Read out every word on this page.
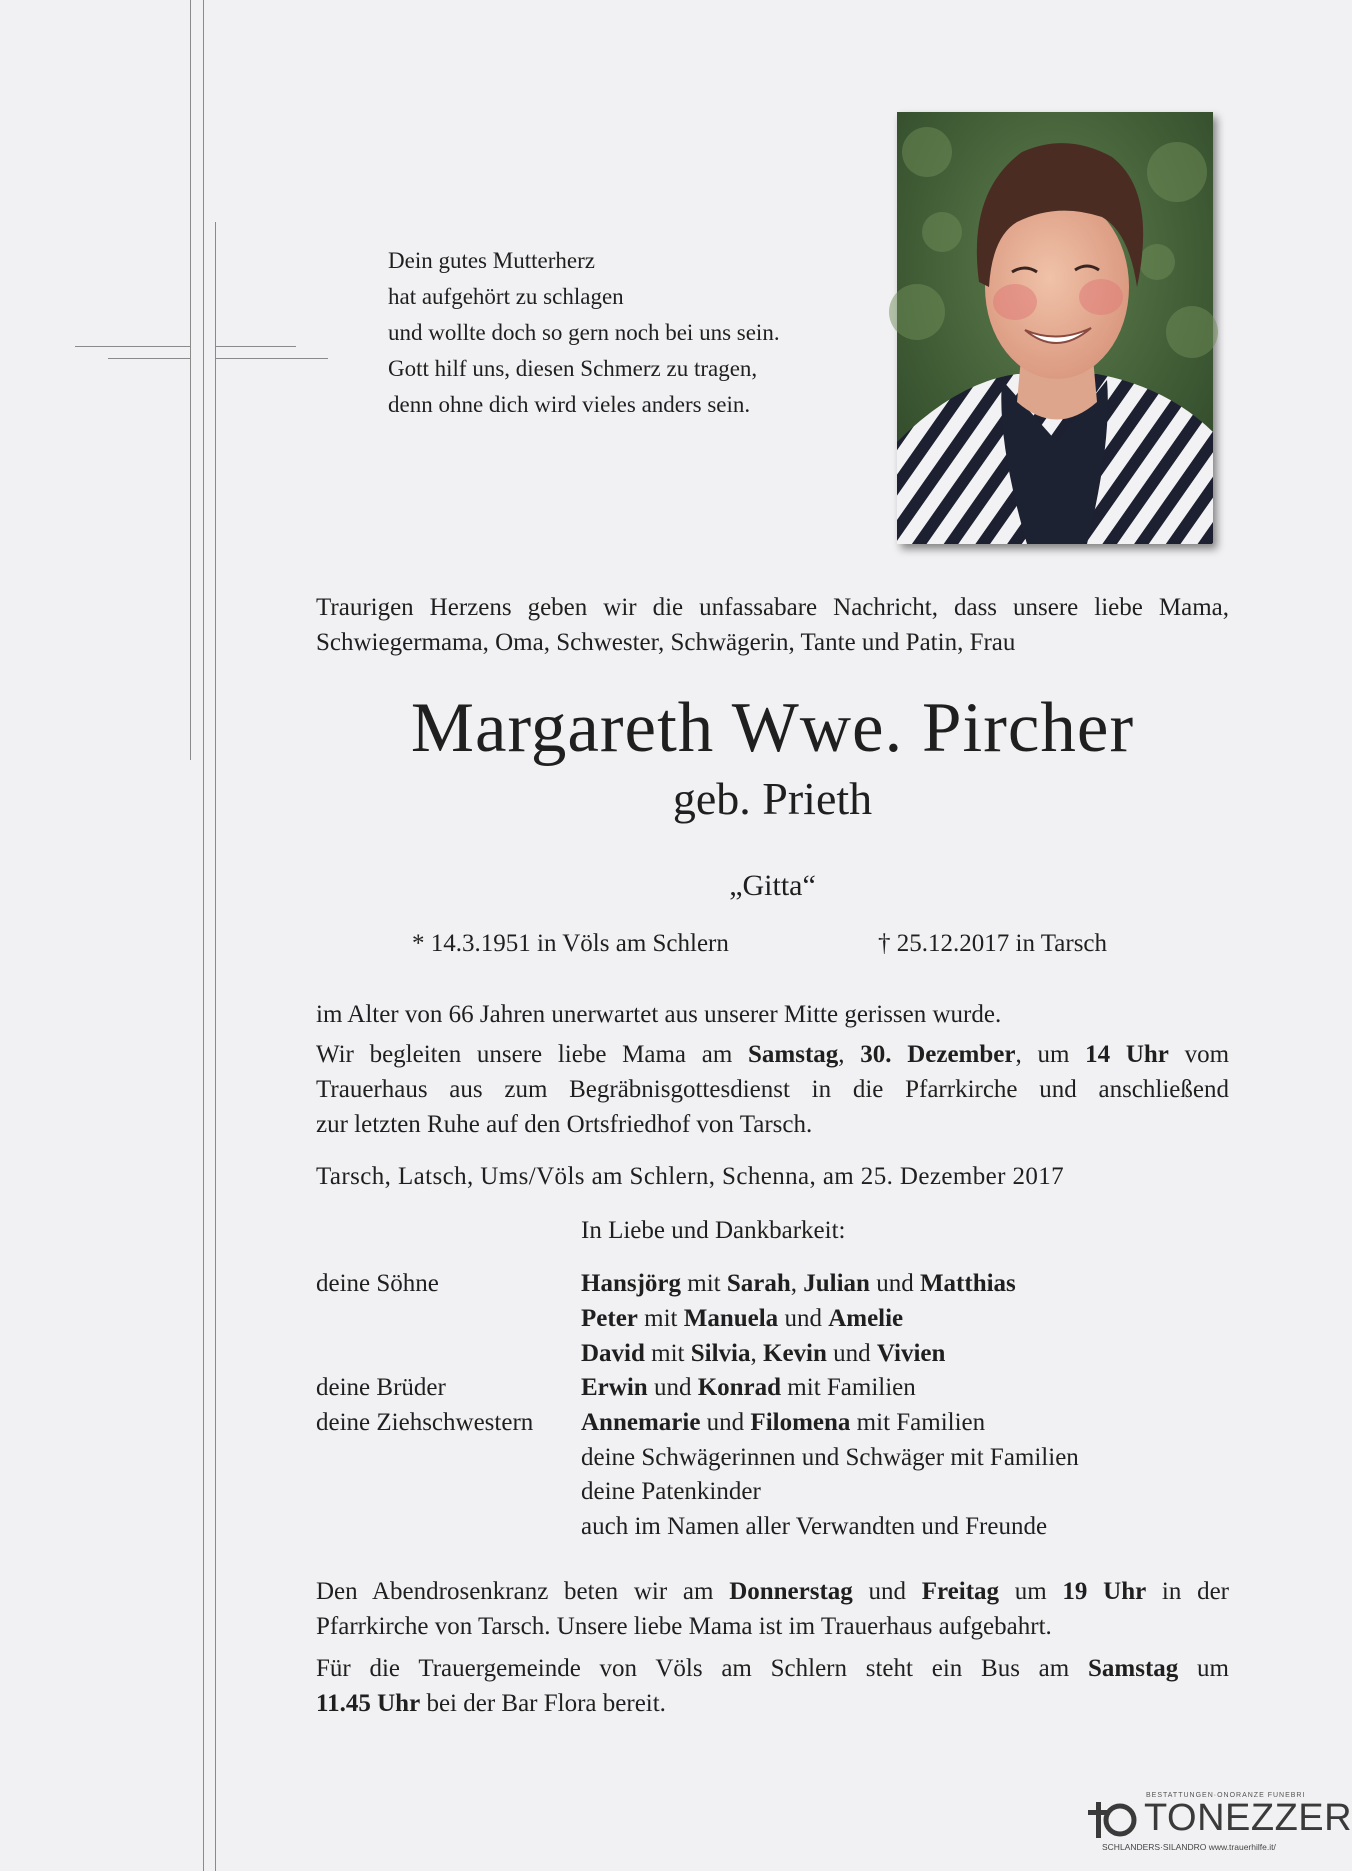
Dein gutes Mutterherz
hat aufgehört zu schlagen
und wollte doch so gern noch bei uns sein.
Gott hilf uns, diesen Schmerz zu tragen,
denn ohne dich wird vieles anders sein.
Traurigen Herzens geben wir die unfassabare Nachricht, dass unsere liebe Mama,
Schwiegermama, Oma, Schwester, Schwägerin, Tante und Patin, Frau
Margareth Wwe. Pircher
geb. Prieth
„Gitta“
* 14.3.1951 in Völs am Schlern	† 25.12.2017 in Tarsch
im Alter von 66 Jahren unerwartet aus unserer Mitte gerissen wurde.
Wir begleiten unsere liebe Mama am Samstag, 30. Dezember, um 14 Uhr vom
Trauerhaus aus zum Begräbnisgottesdienst in die Pfarrkirche und anschließend
zur letzten Ruhe auf den Ortsfriedhof von Tarsch.
Tarsch, Latsch, Ums/Völs am Schlern, Schenna, am 25. Dezember 2017
In Liebe und Dankbarkeit:
deine Söhne
deine Brüder
deine Ziehschwestern
Hansjörg mit Sarah, Julian und Matthias
Peter mit Manuela und Amelie
David mit Silvia, Kevin und Vivien
Erwin und Konrad mit Familien
Annemarie und Filomena mit Familien
deine Schwägerinnen und Schwäger mit Familien
deine Patenkinder
auch im Namen aller Verwandten und Freunde
Den Abendrosenkranz beten wir am Donnerstag und Freitag um 19 Uhr in der
Pfarrkirche von Tarsch. Unsere liebe Mama ist im Trauerhaus aufgebahrt.
Für die Trauergemeinde von Völs am Schlern steht ein Bus am Samstag um
11.45 Uhr bei der Bar Flora bereit.
BESTATTUNGEN·ONORANZE FUNEBRI
TONEZZER
SCHLANDERS·SILANDRO www.trauerhilfe.it/
